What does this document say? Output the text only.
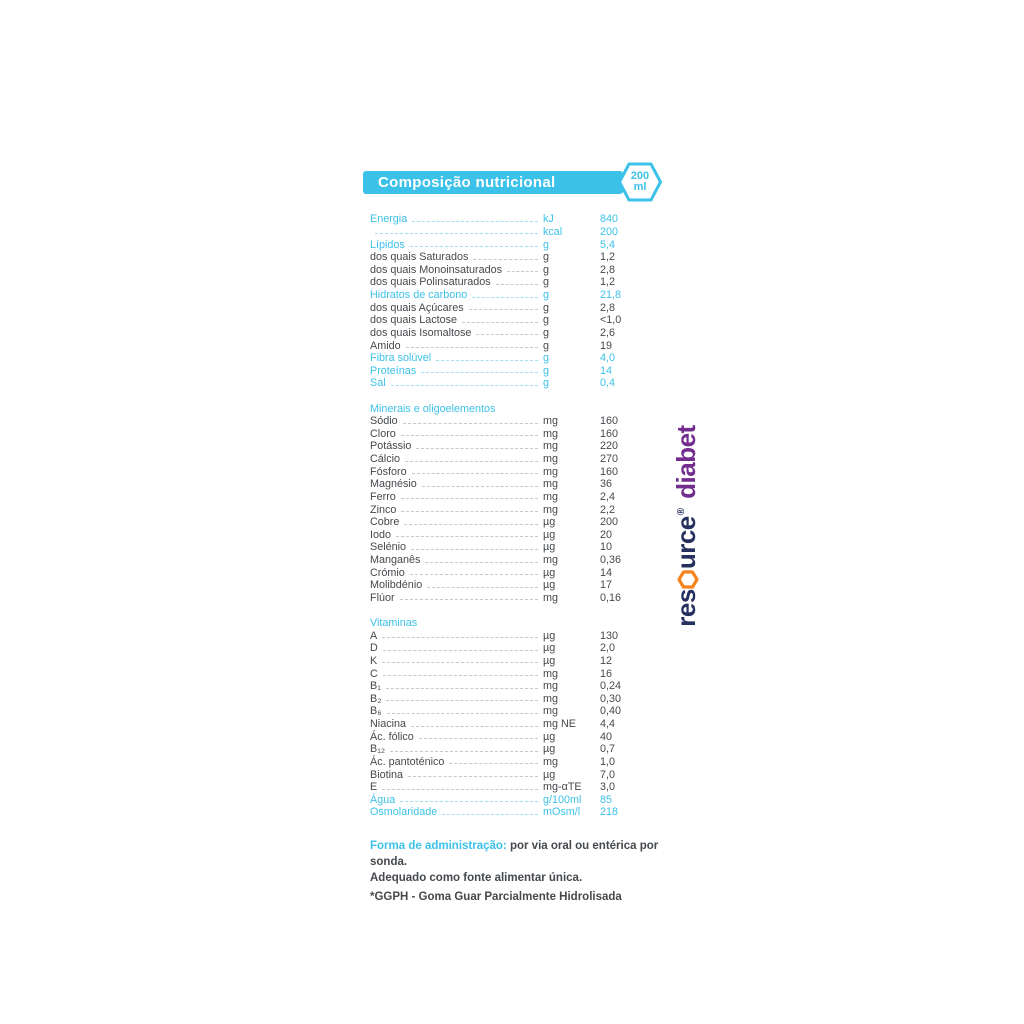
Composição nutricional	200
ml
Energia	kJ	840
kcal	200
Lípidos	g	5,4
dos quais Saturados	g	1,2
dos quais Monoinsaturados	g	2,8
dos quais Polinsaturados	g	1,2
Hidratos de carbono	g	21,8
dos quais Açúcares	g	2,8
dos quais Lactose	g	<1,0
dos quais Isomaltose	g	2,6
Amido	g	19
Fibra solúvel	g	4,0
Proteínas	g	14
Sal	g	0,4
Minerais e oligoelementos
Sódio	mg	160
Cloro	mg	160
Potássio	mg	220
Cálcio	mg	270
Fósforo	mg	160
Magnésio	mg	36
Ferro	mg	2,4
Zinco	mg	2,2
Cobre	µg	200
Iodo	µg	20
Selénio	µg	10
Manganês	mg	0,36
Crómio	µg	14
Molibdénio	µg	17
Flúor	mg	0,16
Vitaminas
A	µg	130
D	µg	2,0
K	µg	12
C	mg	16
B₁	mg	0,24
B₂	mg	0,30
B₆	mg	0,40
Niacina	mg NE	4,4
Ác. fólico	µg	40
B₁₂	µg	0,7
Ác. pantoténico	mg	1,0
Biotina	µg	7,0
E	mg-αTE	3,0
Água	g/100ml	85
Osmolaridade	mOsm/l	218
Forma de administração: por via oral ou entérica por sonda.
Adequado como fonte alimentar única.
*GGPH - Goma Guar Parcialmente Hidrolisada
res
urce
®
diabet
